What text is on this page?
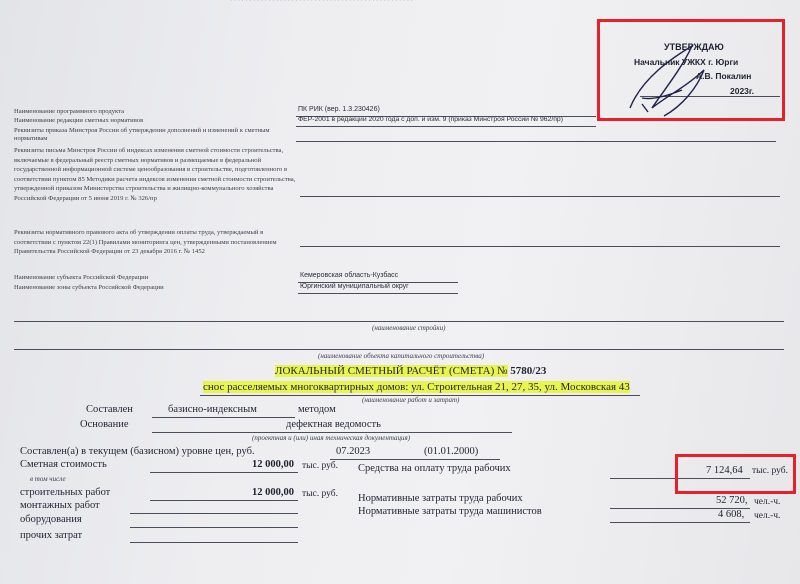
· · · · · · · · · · · · · · · · · · · · · · · · · · · · · · · · · · · · · · · · · · · · · · · ·
УТВЕРЖДАЮ
Начальник УЖКХ г. Юрги
А.В. Покалин
2023г.
Наименование программного продукта	ПК РИК (вер. 1.3.230426)
Наименование редакции сметных нормативов	ФЕР-2001 в редакции 2020 года с доп. и изм. 9 (приказ Минстроя России № 962/пр)
Реквизиты приказа Минстроя России об утверждении дополнений и изменений к сметным нормативам
Реквизиты письма Минстроя России об индексах изменения сметной стоимости строительства, включаемые в федеральный реестр сметных нормативов и размещаемые в федеральной государственной информационной системе ценообразования в строительстве, подготовленного в соответствии пунктом 85 Методики расчета индексов изменения сметной стоимости строительства, утвержденной приказом Министерства строительства и жилищно-коммунального хозяйства Российской Федерации от 5 июня 2019 г. № 326/пр
Реквизиты нормативного правового акта об утверждении оплаты труда, утверждаемый в соответствии с пунктом 22(1) Правилами мониторинга цен, утвержденными постановлением Правительства Российской Федерации от 23 декабря 2016 г. № 1452
Наименование субъекта Российской Федерации	Кемеровская область-Кузбасс
Наименование зоны субъекта Российской Федерации	Юргинский муниципальный округ
(наименование стройки)
(наименование объекта капитального строительства)
ЛОКАЛЬНЫЙ СМЕТНЫЙ РАСЧЁТ (СМЕТА) № 5780/23
снос расселяемых многоквартирных домов: ул. Строительная 21, 27, 35, ул. Московская 43
(наименование работ и затрат)
Составлен	базисно-индексным	методом
Основание	дефектная ведомость
(проектная и (или) иная техническая документация)
Составлен(а) в текущем (базисном) уровне цен, руб.	07.2023	(01.01.2000)
Сметная стоимость	12 000,00 тыс. руб.
в том числе
строительных работ	12 000,00 тыс. руб.
монтажных работ
оборудования
прочих затрат
Средства на оплату труда рабочих	7 124,64 тыс. руб.
Нормативные затраты труда рабочих	52 720, чел.-ч.
Нормативные затраты труда машинистов	4 608, чел.-ч.
